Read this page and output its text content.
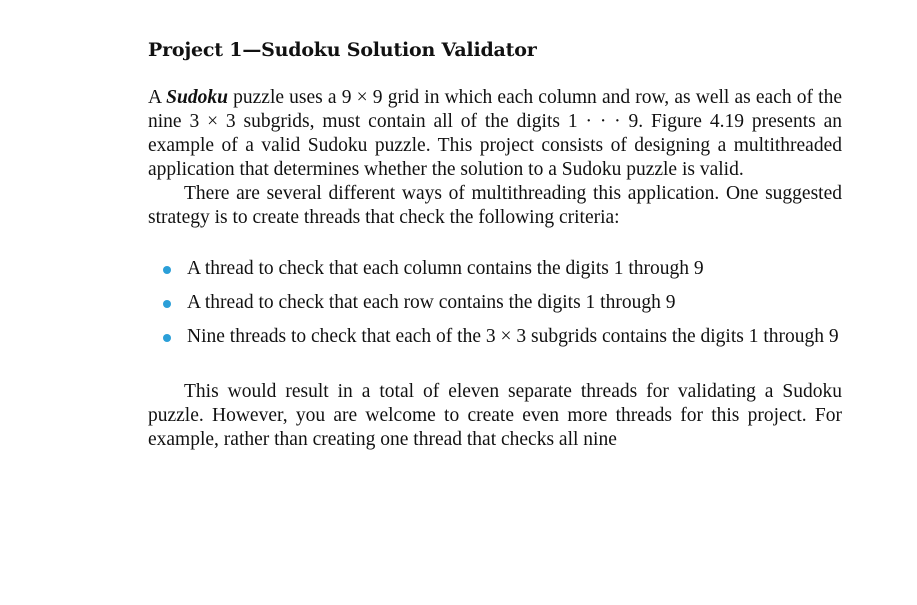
Project 1—Sudoku Solution Validator

A Sudoku puzzle uses a 9 × 9 grid in which each column and row, as well as each of the nine 3 × 3 subgrids, must contain all of the digits 1 · · · 9. Figure 4.19 presents an example of a valid Sudoku puzzle. This project consists of designing a multithreaded application that determines whether the solution to a Sudoku puzzle is valid.

There are several different ways of multithreading this application. One suggested strategy is to create threads that check the following criteria:

A thread to check that each column contains the digits 1 through 9
A thread to check that each row contains the digits 1 through 9
Nine threads to check that each of the 3 × 3 subgrids contains the digits 1 through 9

This would result in a total of eleven separate threads for validating a Sudoku puzzle. However, you are welcome to create even more threads for this project. For example, rather than creating one thread that checks all nine
